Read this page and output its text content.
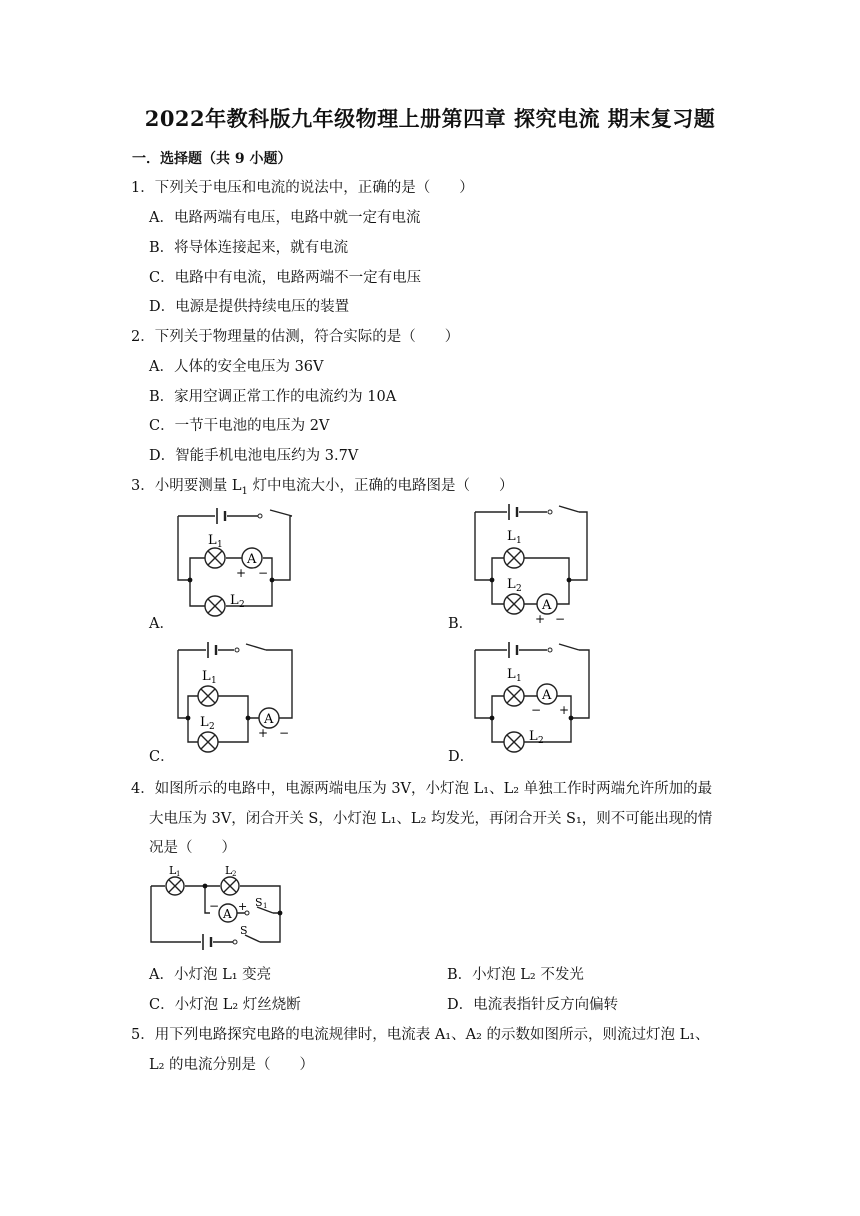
2022年教科版九年级物理上册第四章 探究电流 期末复习题
一．选择题（共 9 小题）
1．下列关于电压和电流的说法中，正确的是（　　）
A．电路两端有电压，电路中就一定有电流
B．将导体连接起来，就有电流
C．电路中有电流，电路两端不一定有电压
D．电源是提供持续电压的装置
2．下列关于物理量的估测，符合实际的是（　　）
A．人体的安全电压为 36V
B．家用空调正常工作的电流约为 10A
C．一节干电池的电压为 2V
D．智能手机电池电压约为 3.7V
3．小明要测量 $L_1$ 灯中电流大小，正确的电路图是（　　）
A．	B．
C．	D．
A
L 1
L 2
+ −
A
L 1
L 2
+ −
A
L 1
L 2	+ −
A
L 1
L 2
− +
4．如图所示的电路中，电源两端电压为 3V，小灯泡 L₁、L₂ 单独工作时两端允许所加的最
大电压为 3V，闭合开关 S，小灯泡 L₁、L₂ 均发光，再闭合开关 S₁，则不可能出现的情
况是（　　）
A
L 1	L 2
− + S 1
S
A．小灯泡 L₁ 变亮	B．小灯泡 L₂ 不发光
C．小灯泡 L₂ 灯丝烧断	D．电流表指针反方向偏转
5．用下列电路探究电路的电流规律时，电流表 A₁、A₂ 的示数如图所示，则流过灯泡 L₁、
L₂ 的电流分别是（　　）
